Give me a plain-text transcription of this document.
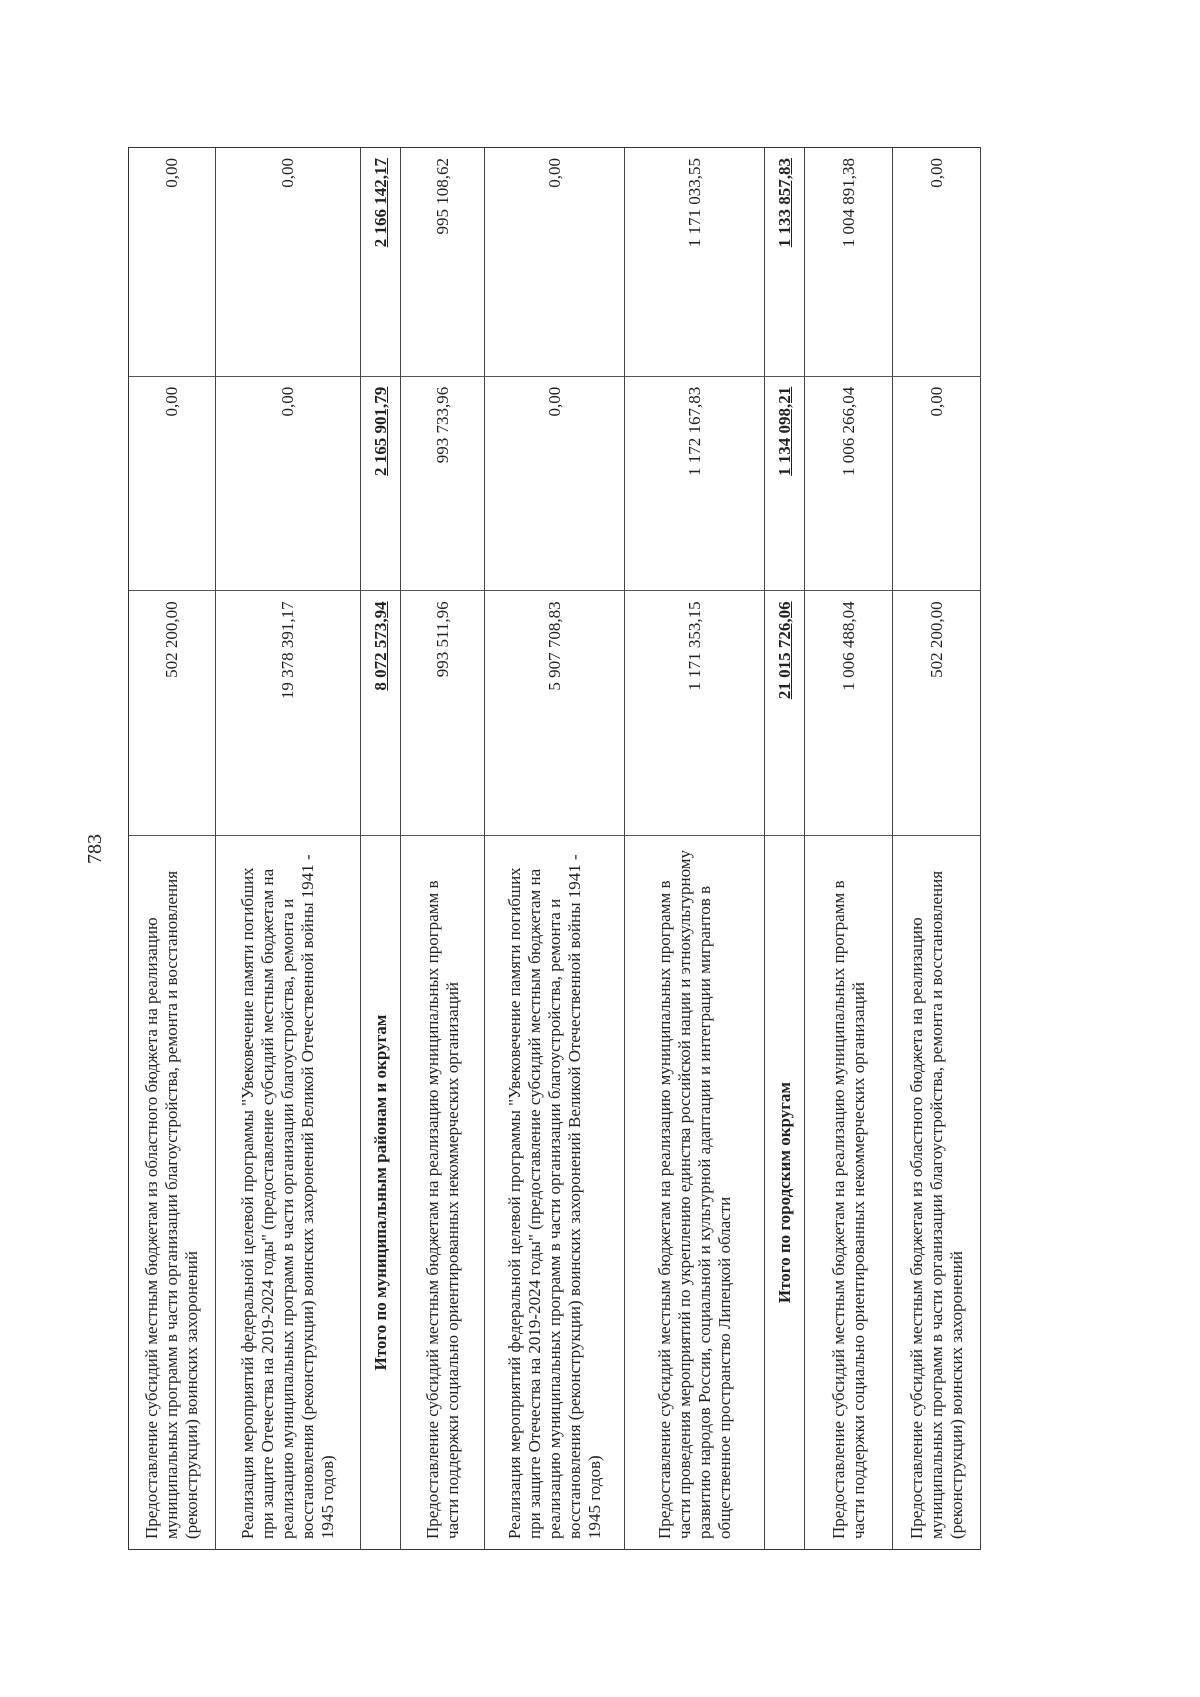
783
Предоставление субсидий местным бюджетам из областного бюджета на реализацию муниципальных программ в части организации благоустройства, ремонта и восстановления (реконструкции) воинских захоронений
502 200,00
0,00
0,00
Реализация мероприятий федеральной целевой программы "Увековечение памяти погибших при защите Отечества на 2019-2024 годы" (предоставление субсидий местным бюджетам на реализацию муниципальных программ в части организации благоустройства, ремонта и восстановления (реконструкции) воинских захоронений Великой Отечественной войны 1941 - 1945 годов)
19 378 391,17
0,00
0,00
Итого по муниципальным районам и округам
8 072 573,94
2 165 901,79
2 166 142,17
Предоставление субсидий местным бюджетам на реализацию муниципальных программ в части поддержки социально ориентированных некоммерческих организаций
993 511,96
993 733,96
995 108,62
Реализация мероприятий федеральной целевой программы "Увековечение памяти погибших при защите Отечества на 2019-2024 годы" (предоставление субсидий местным бюджетам на реализацию муниципальных программ в части организации благоустройства, ремонта и восстановления (реконструкции) воинских захоронений Великой Отечественной войны 1941 - 1945 годов)
5 907 708,83
0,00
0,00
Предоставление субсидий местным бюджетам на реализацию муниципальных программ в части проведения мероприятий по укреплению единства российской нации и этнокультурному развитию народов России, социальной и культурной адаптации и интеграции мигрантов в общественное пространство Липецкой области
1 171 353,15
1 172 167,83
1 171 033,55
Итого по городским округам
21 015 726,06
1 134 098,21
1 133 857,83
Предоставление субсидий местным бюджетам на реализацию муниципальных программ в части поддержки социально ориентированных некоммерческих организаций
1 006 488,04
1 006 266,04
1 004 891,38
Предоставление субсидий местным бюджетам из областного бюджета на реализацию муниципальных программ в части организации благоустройства, ремонта и восстановления (реконструкции) воинских захоронений
502 200,00
0,00
0,00
